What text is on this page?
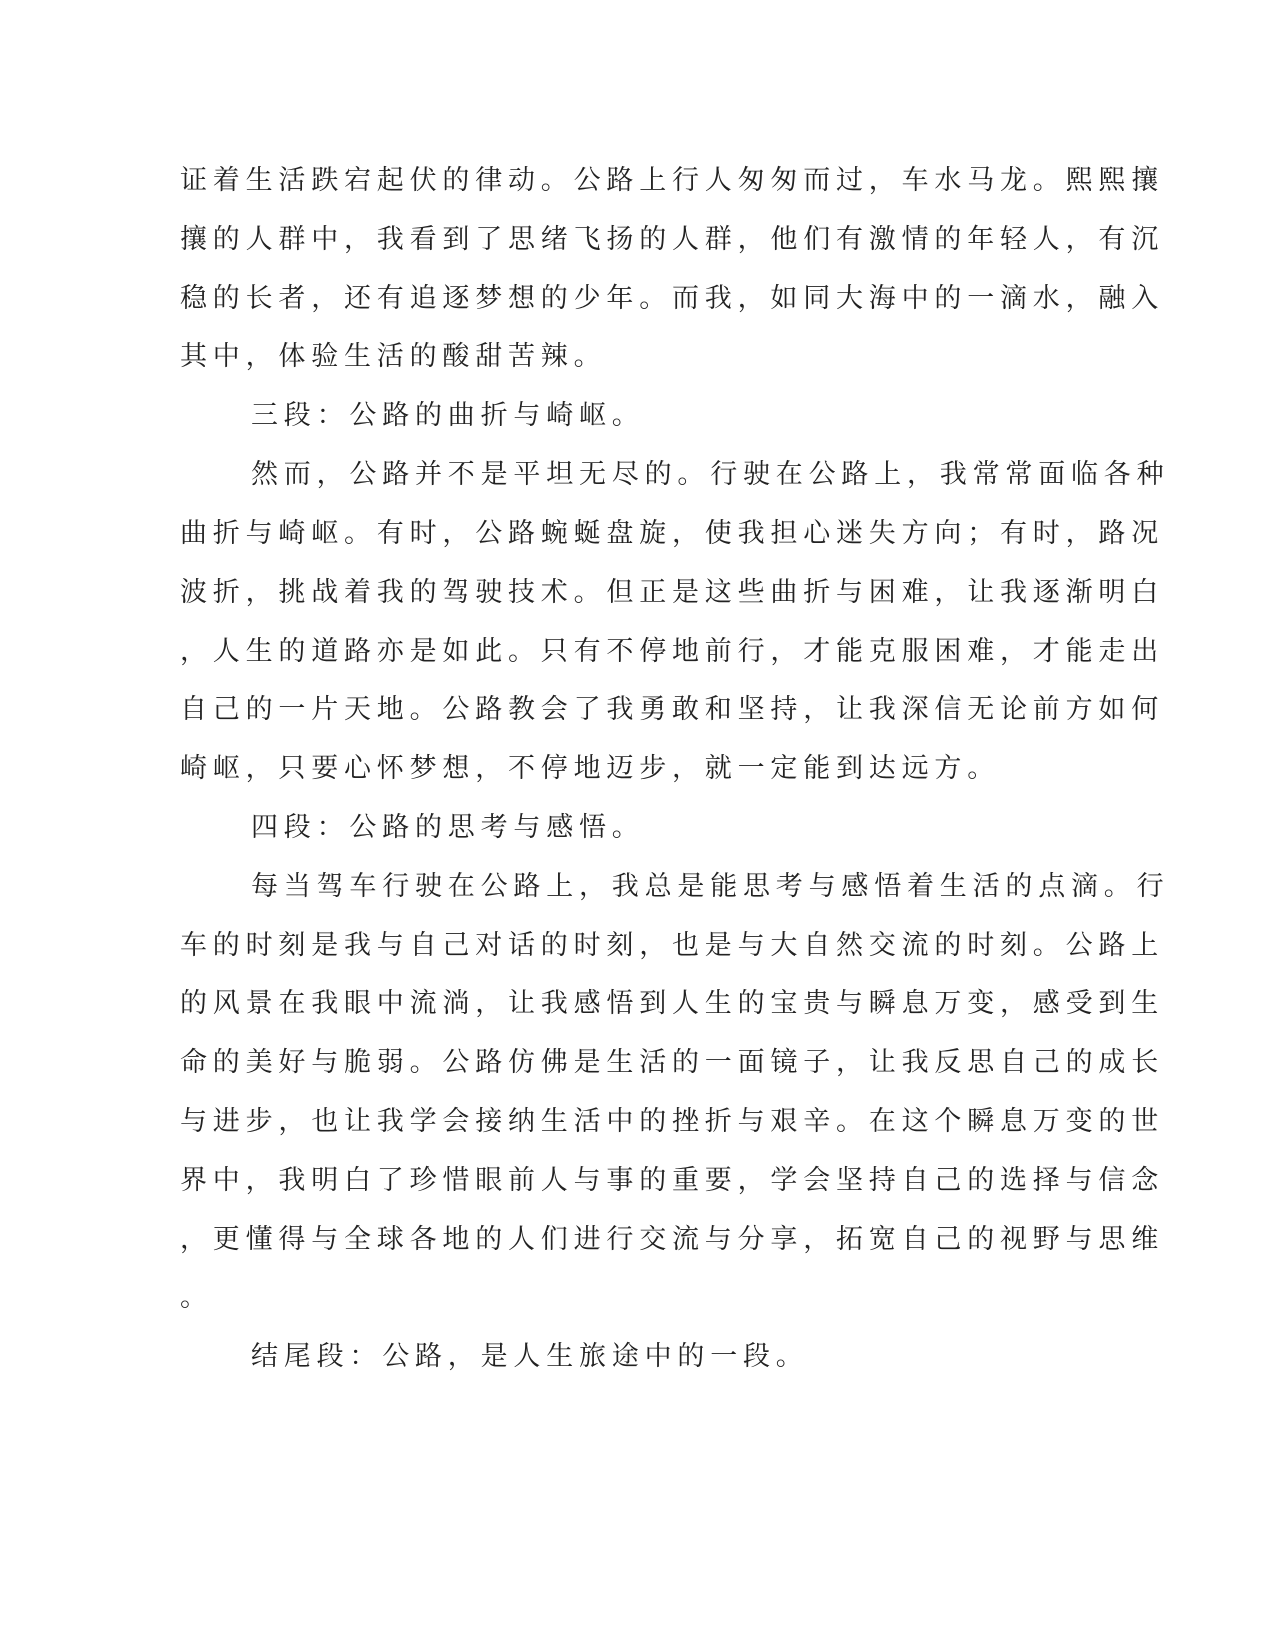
证着生活跌宕起伏的律动。公路上行人匆匆而过，车水马龙。熙熙攘
攘的人群中，我看到了思绪飞扬的人群，他们有激情的年轻人，有沉
稳的长者，还有追逐梦想的少年。而我，如同大海中的一滴水，融入
其中，体验生活的酸甜苦辣。
三段：公路的曲折与崎岖。
然而，公路并不是平坦无尽的。行驶在公路上，我常常面临各种
曲折与崎岖。有时，公路蜿蜒盘旋，使我担心迷失方向；有时，路况
波折，挑战着我的驾驶技术。但正是这些曲折与困难，让我逐渐明白
，人生的道路亦是如此。只有不停地前行，才能克服困难，才能走出
自己的一片天地。公路教会了我勇敢和坚持，让我深信无论前方如何
崎岖，只要心怀梦想，不停地迈步，就一定能到达远方。
四段：公路的思考与感悟。
每当驾车行驶在公路上，我总是能思考与感悟着生活的点滴。行
车的时刻是我与自己对话的时刻，也是与大自然交流的时刻。公路上
的风景在我眼中流淌，让我感悟到人生的宝贵与瞬息万变，感受到生
命的美好与脆弱。公路仿佛是生活的一面镜子，让我反思自己的成长
与进步，也让我学会接纳生活中的挫折与艰辛。在这个瞬息万变的世
界中，我明白了珍惜眼前人与事的重要，学会坚持自己的选择与信念
，更懂得与全球各地的人们进行交流与分享，拓宽自己的视野与思维
。
结尾段：公路，是人生旅途中的一段。
